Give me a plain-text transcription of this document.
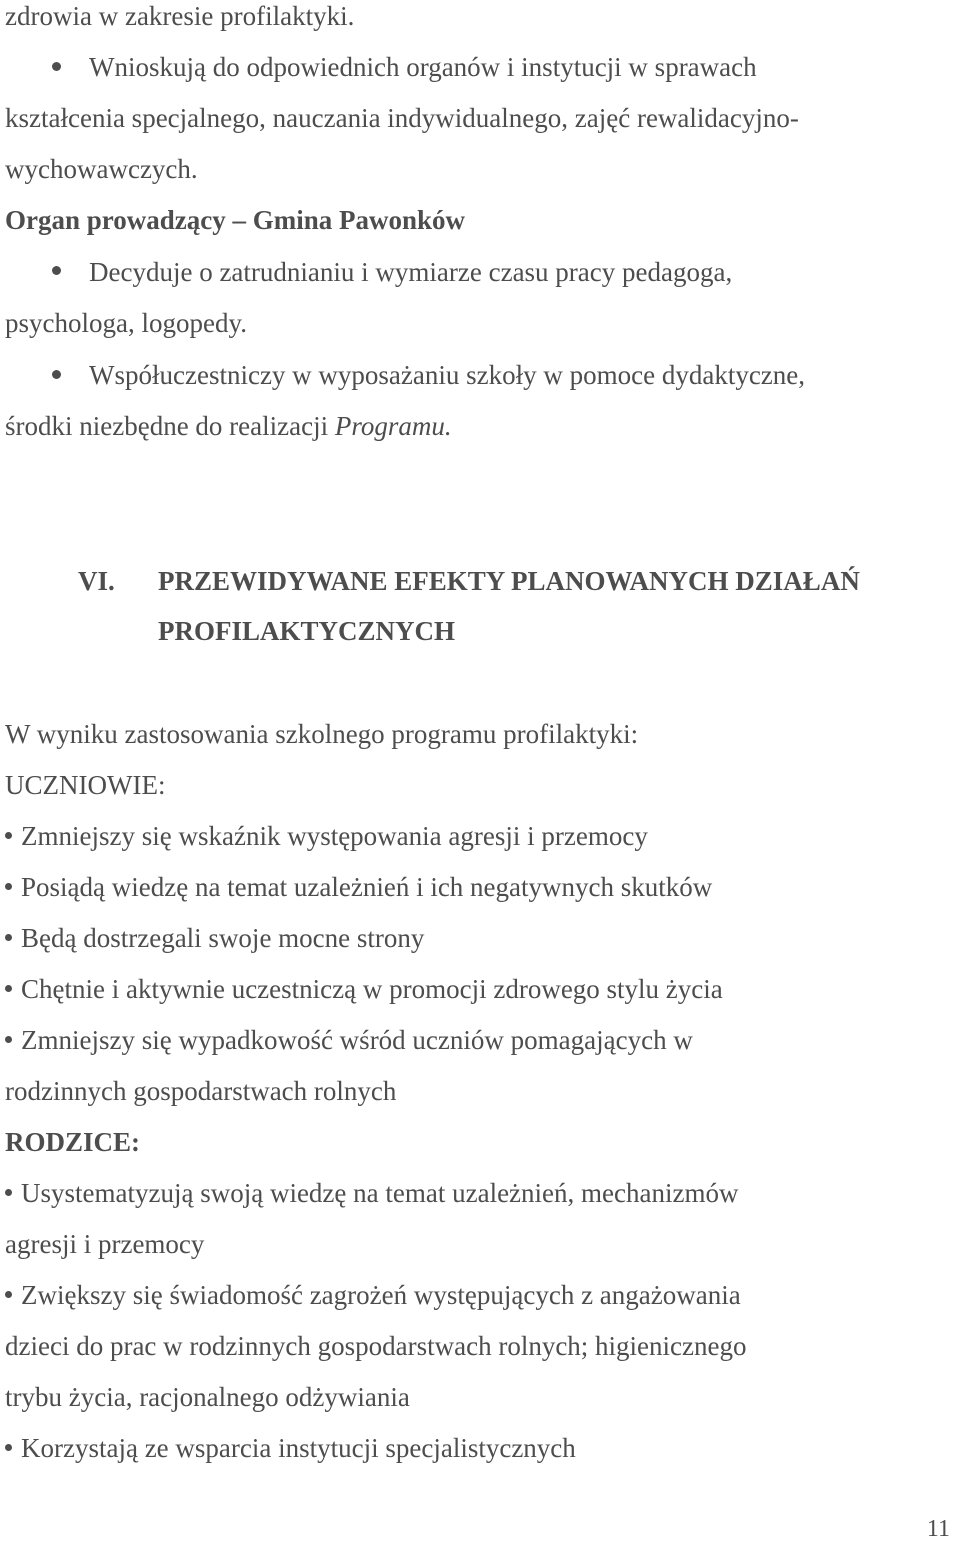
zdrowia w zakresie profilaktyki.
Wnioskują do odpowiednich organów i instytucji w sprawach
kształcenia specjalnego, nauczania indywidualnego, zajęć rewalidacyjno-
wychowawczych.
Organ prowadzący – Gmina Pawonków
Decyduje o zatrudnianiu i wymiarze czasu pracy pedagoga,
psychologa, logopedy.
Współuczestniczy w wyposażaniu szkoły w pomoce dydaktyczne,
środki niezbędne do realizacji Programu.
VI. PRZEWIDYWANE EFEKTY PLANOWANYCH DZIAŁAŃ
PROFILAKTYCZNYCH
W wyniku zastosowania szkolnego programu profilaktyki:
UCZNIOWIE:
Zmniejszy się wskaźnik występowania agresji i przemocy
Posiądą wiedzę na temat uzależnień i ich negatywnych skutków
Będą dostrzegali swoje mocne strony
Chętnie i aktywnie uczestniczą w promocji zdrowego stylu życia
Zmniejszy się wypadkowość wśród uczniów pomagających w
rodzinnych gospodarstwach rolnych
RODZICE:
Usystematyzują swoją wiedzę na temat uzależnień, mechanizmów
agresji i przemocy
Zwiększy się świadomość zagrożeń występujących z angażowania
dzieci do prac w rodzinnych gospodarstwach rolnych; higienicznego
trybu życia, racjonalnego odżywiania
Korzystają ze wsparcia instytucji specjalistycznych
11
